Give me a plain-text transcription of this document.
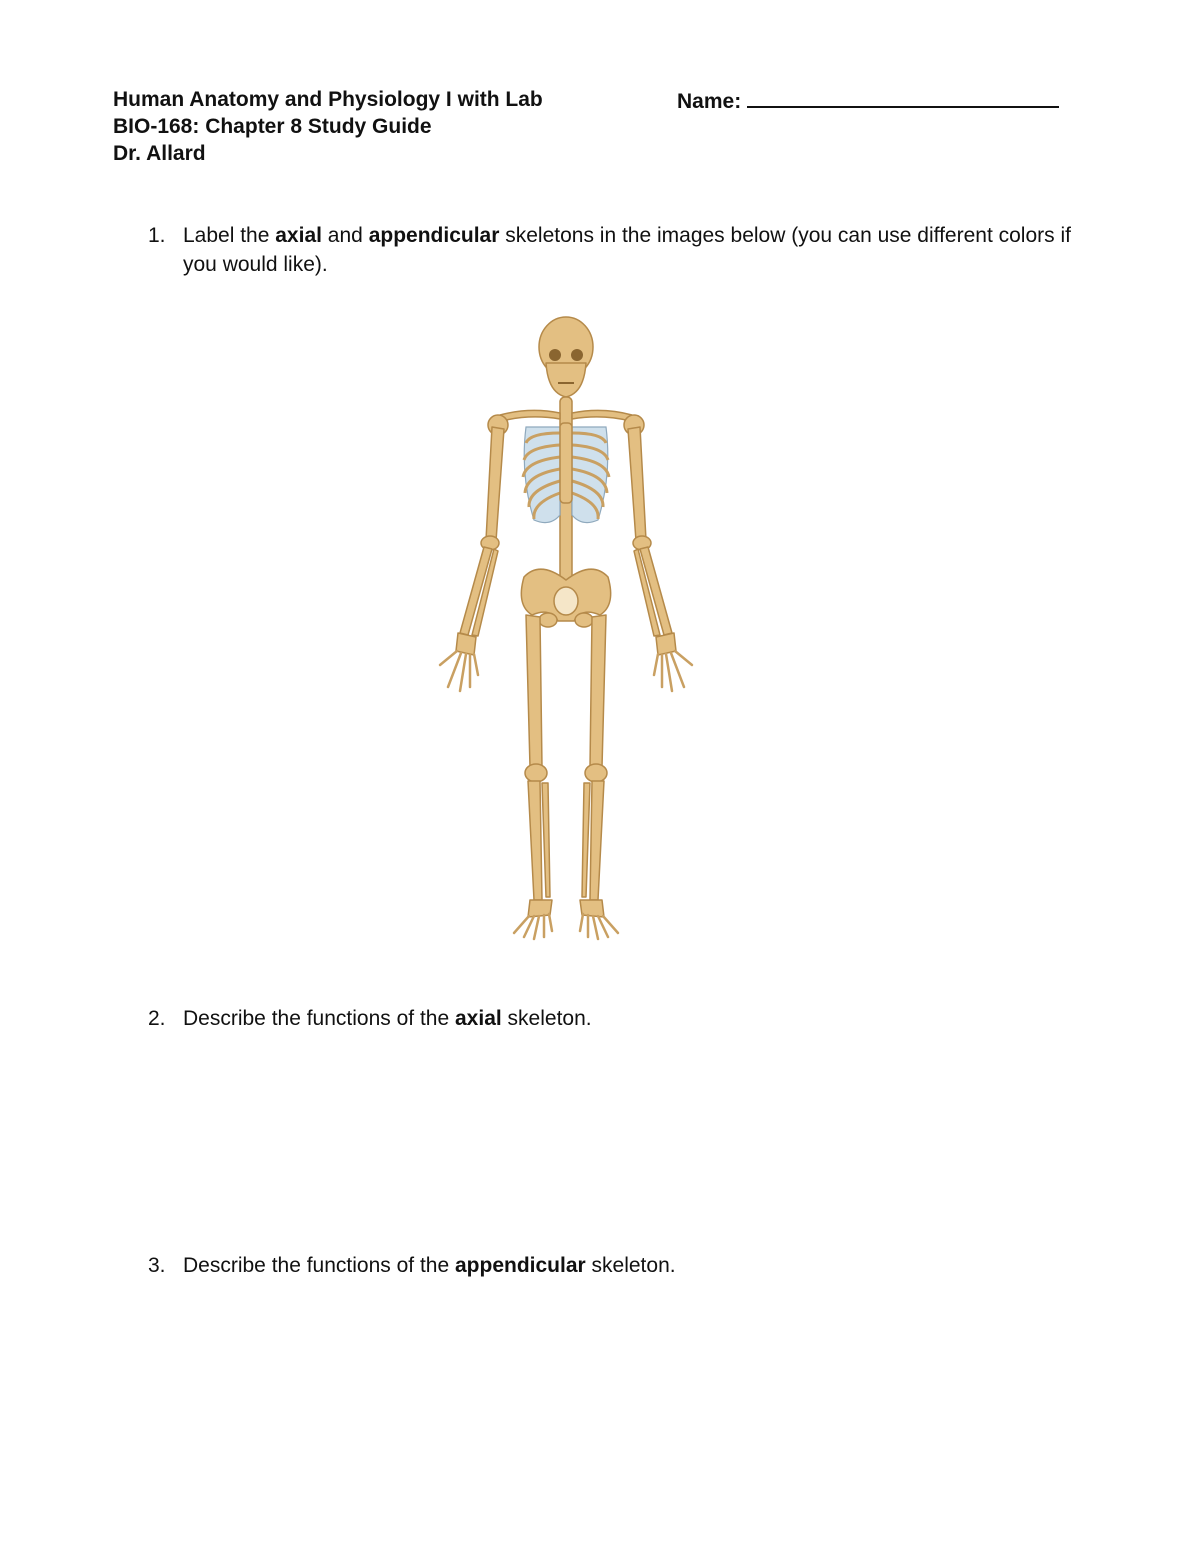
Human Anatomy and Physiology I with Lab
BIO-168: Chapter 8 Study Guide
Dr. Allard
Name:
1. Label the axial and appendicular skeletons in the images below (you can use different colors if you would like).
2. Describe the functions of the axial skeleton.
3. Describe the functions of the appendicular skeleton.
